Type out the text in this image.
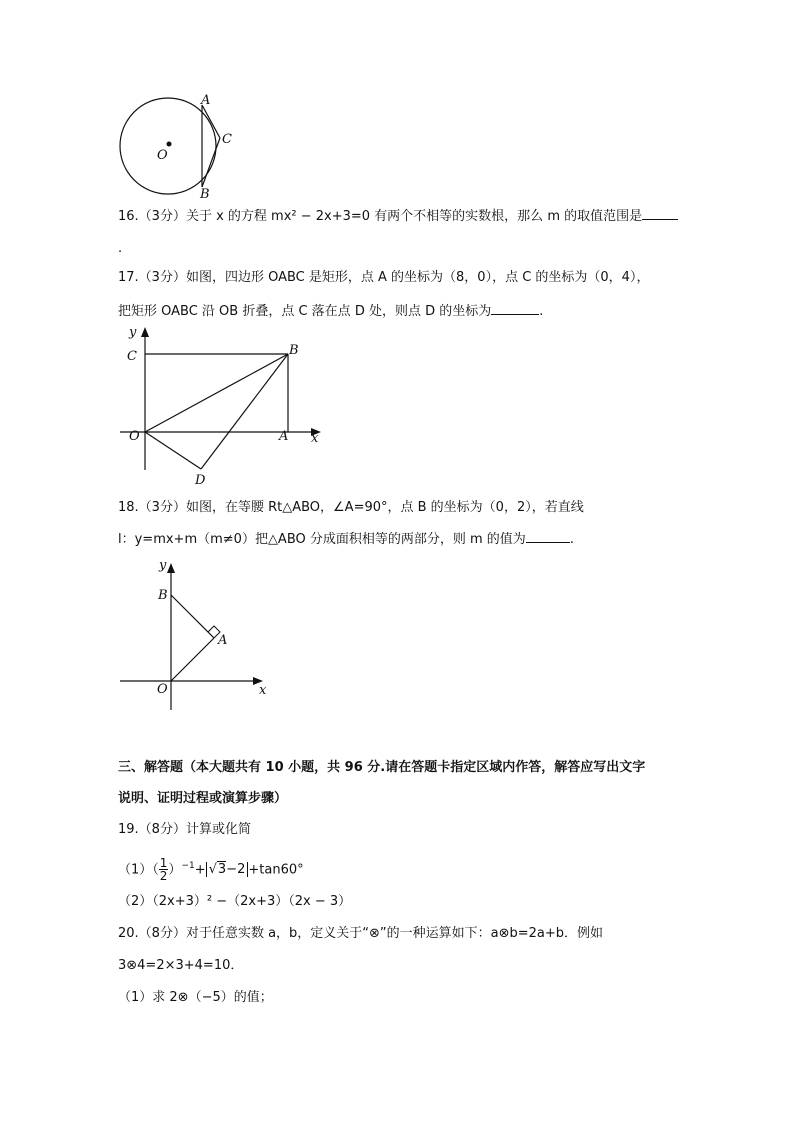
A
C
B
O
16.（3分）关于 x 的方程 mx² − 2x+3=0 有两个不相等的实数根，那么 m 的取值范围是
.
17.（3分）如图，四边形 OABC 是矩形，点 A 的坐标为（8，0），点 C 的坐标为（0，4），
把矩形 OABC 沿 OB 折叠，点 C 落在点 D 处，则点 D 的坐标为	.
y
C	B
O	A x
D
18.（3分）如图，在等腰 Rt△ABO，∠A=90°，点 B 的坐标为（0，2），若直线
l：y=mx+m（m≠0）把△ABO 分成面积相等的两部分，则 m 的值为	.
y
B
A
O	x
三、解答题（本大题共有 10 小题，共 96 分.请在答题卡指定区域内作答，解答应写出文字
说明、证明过程或演算步骤）
19.（8分）计算或化简
$(1)( \frac{1}{2} )^{-1}+ √3-2 +\tan 60^\circ$
（2）（2x+3）² −（2x+3）（2x − 3）
20.（8分）对于任意实数 a，b，定义关于“⊗”的一种运算如下：a⊗b=2a+b．例如
3⊗4=2×3+4=10．
（1）求 2⊗（−5）的值；
